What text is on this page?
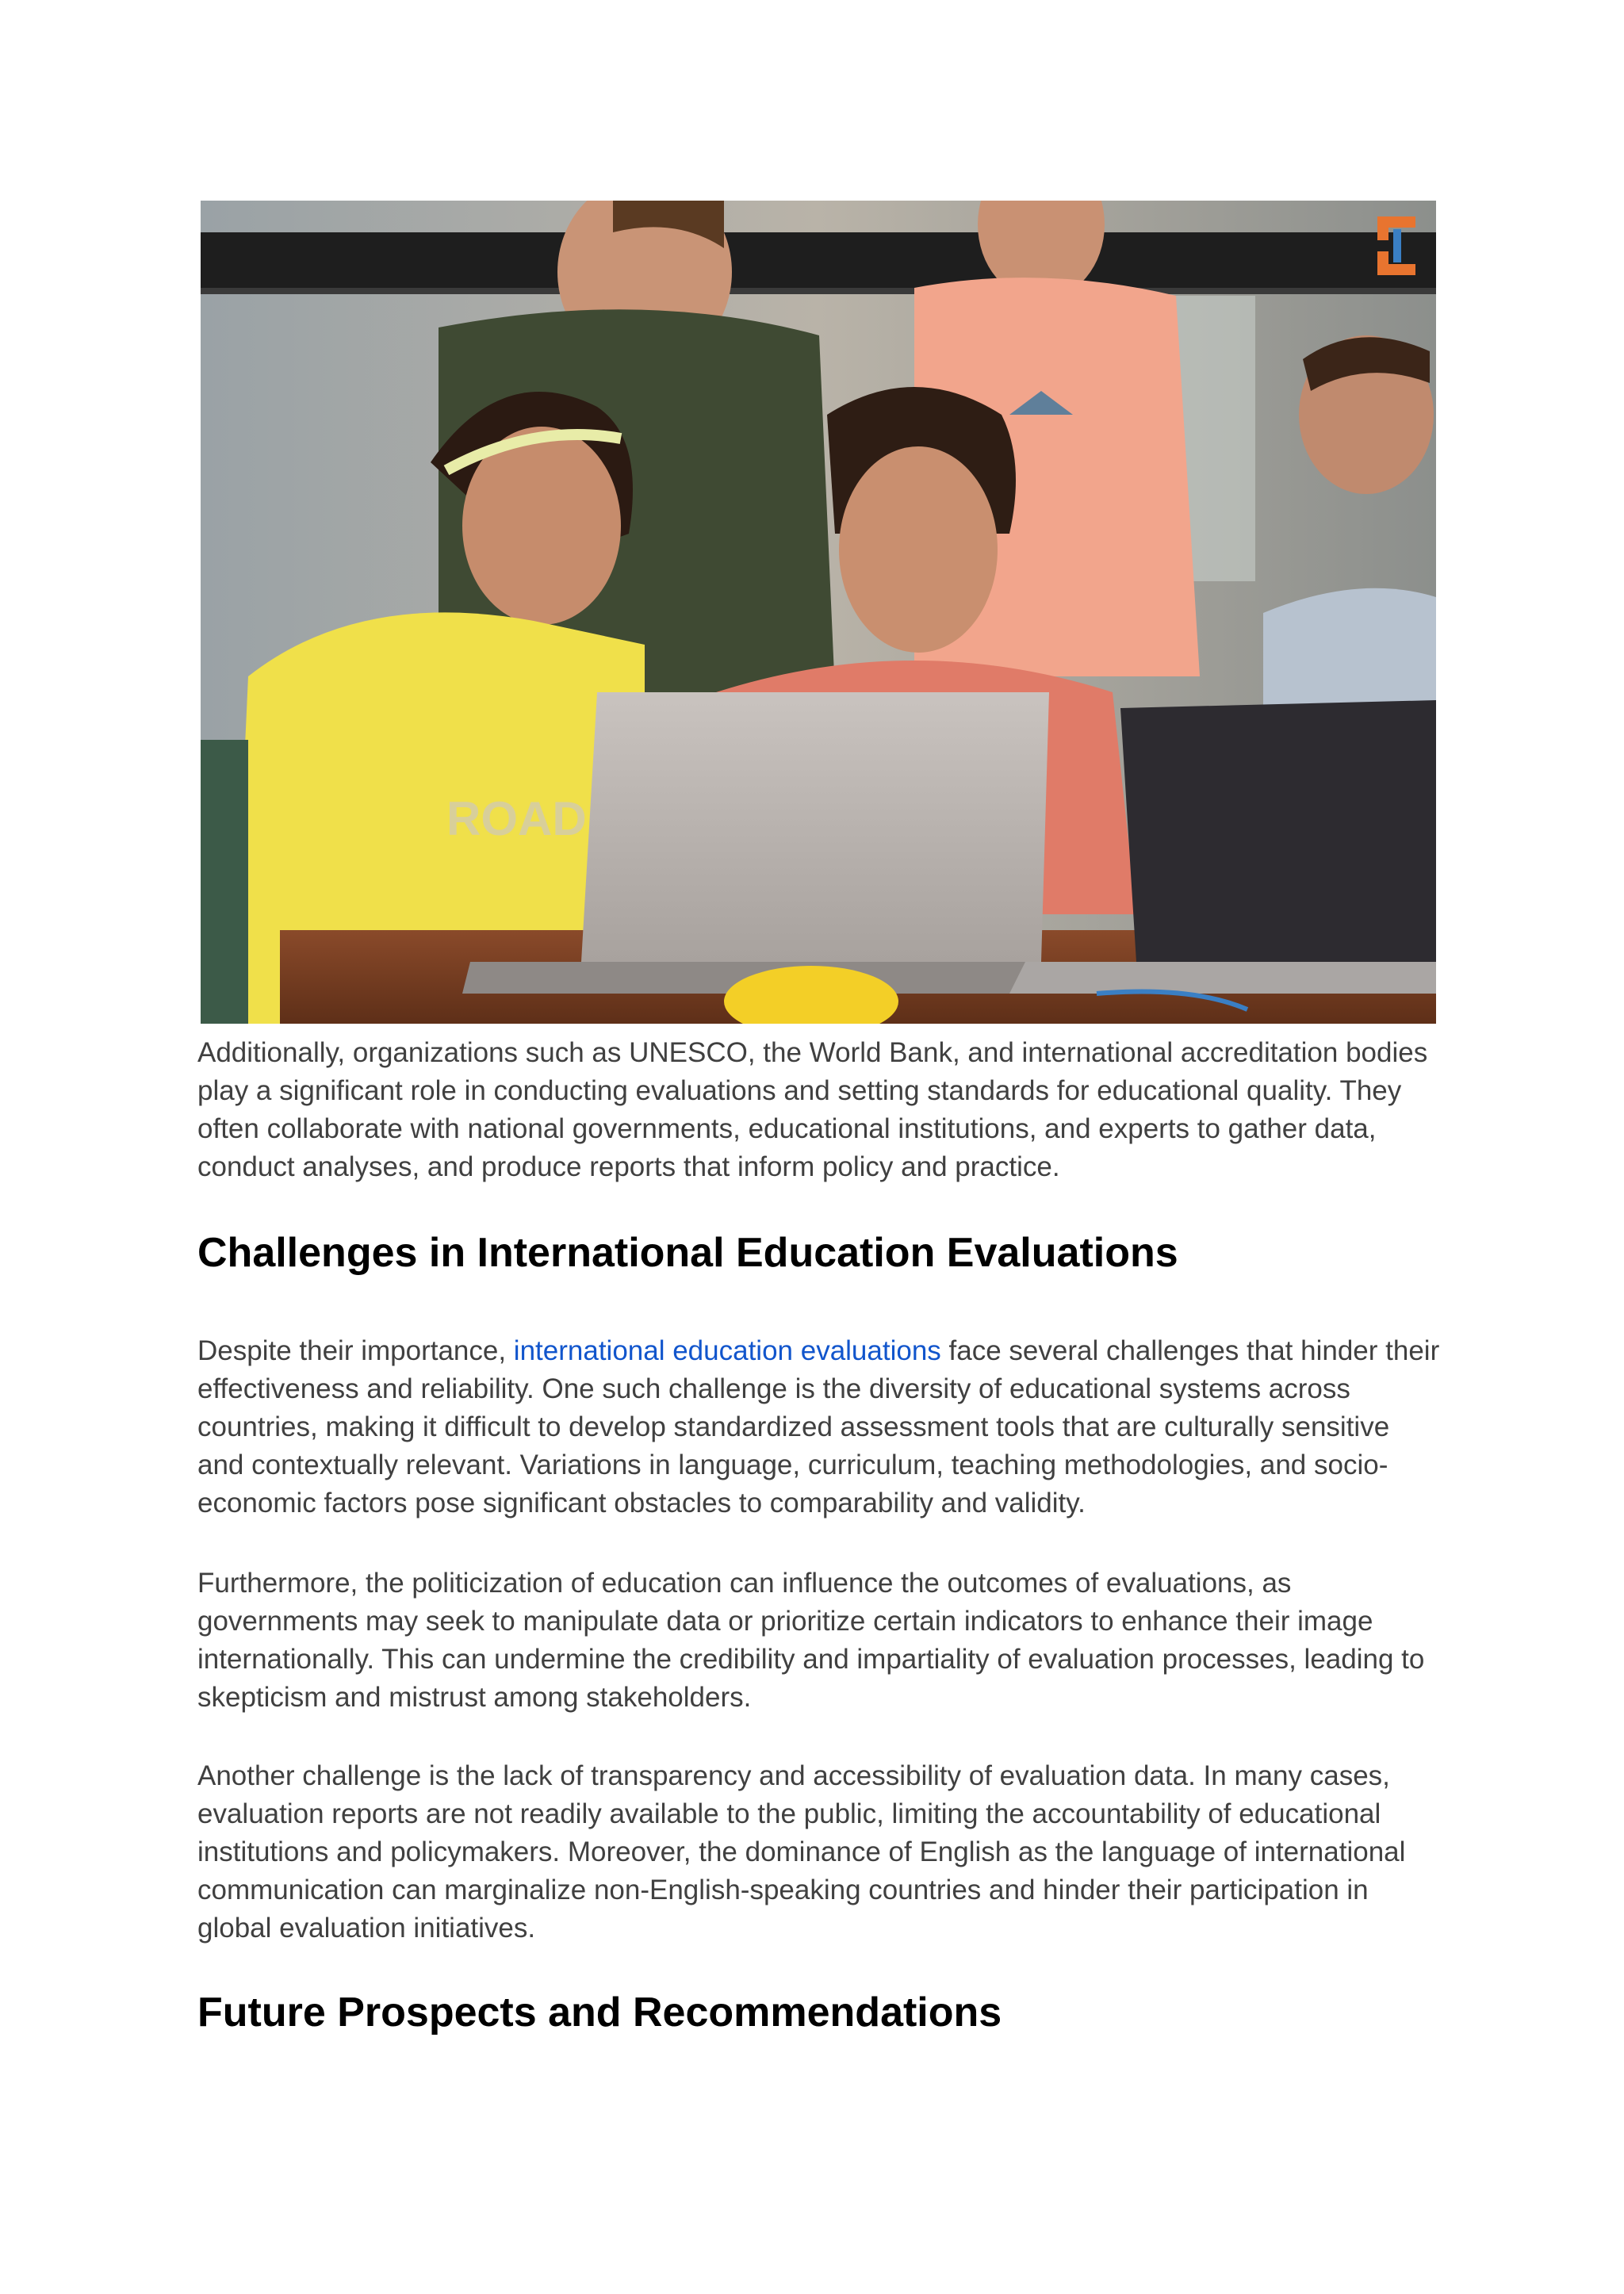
ROAD

Additionally, organizations such as UNESCO, the World Bank, and international accreditation bodies play a significant role in conducting evaluations and setting standards for educational quality. They often collaborate with national governments, educational institutions, and experts to gather data, conduct analyses, and produce reports that inform policy and practice.

Challenges in International Education Evaluations

Despite their importance, international education evaluations face several challenges that hinder their effectiveness and reliability. One such challenge is the diversity of educational systems across countries, making it difficult to develop standardized assessment tools that are culturally sensitive and contextually relevant. Variations in language, curriculum, teaching methodologies, and socio-economic factors pose significant obstacles to comparability and validity.

Furthermore, the politicization of education can influence the outcomes of evaluations, as governments may seek to manipulate data or prioritize certain indicators to enhance their image internationally. This can undermine the credibility and impartiality of evaluation processes, leading to skepticism and mistrust among stakeholders.

Another challenge is the lack of transparency and accessibility of evaluation data. In many cases, evaluation reports are not readily available to the public, limiting the accountability of educational institutions and policymakers. Moreover, the dominance of English as the language of international communication can marginalize non-English-speaking countries and hinder their participation in global evaluation initiatives.

Future Prospects and Recommendations
